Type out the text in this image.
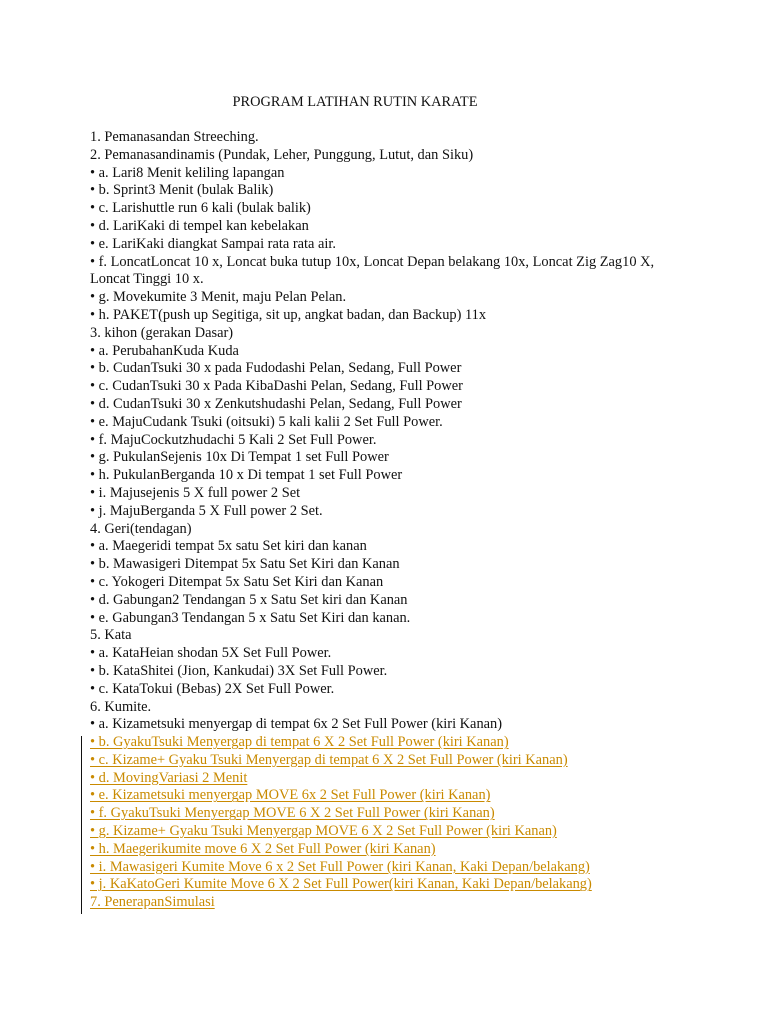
PROGRAM LATIHAN RUTIN KARATE
1. Pemanasandan Streeching.
2. Pemanasandinamis (Pundak, Leher, Punggung, Lutut, dan Siku)
• a. Lari8 Menit keliling lapangan
• b. Sprint3 Menit (bulak Balik)
• c. Larishuttle run 6 kali (bulak balik)
• d. LariKaki di tempel kan kebelakan
• e. LariKaki diangkat Sampai rata rata air.
• f. LoncatLoncat 10 x, Loncat buka tutup 10x, Loncat Depan belakang 10x, Loncat Zig Zag10 X, Loncat Tinggi 10 x.
• g. Movekumite 3 Menit, maju Pelan Pelan.
• h. PAKET(push up Segitiga, sit up, angkat badan, dan Backup) 11x
3. kihon (gerakan Dasar)
• a. PerubahanKuda Kuda
• b. CudanTsuki 30 x pada Fudodashi Pelan, Sedang, Full Power
• c. CudanTsuki 30 x Pada KibaDashi Pelan, Sedang, Full Power
• d. CudanTsuki 30 x Zenkutshudashi Pelan, Sedang, Full Power
• e. MajuCudank Tsuki (oitsuki) 5 kali kalii 2 Set Full Power.
• f. MajuCockutzhudachi 5 Kali 2 Set Full Power.
• g. PukulanSejenis 10x Di Tempat 1 set Full Power
• h. PukulanBerganda 10 x Di tempat 1 set Full Power
• i. Majusejenis 5 X full power 2 Set
• j. MajuBerganda 5 X Full power 2 Set.
4. Geri(tendagan)
• a. Maegeridi tempat 5x satu Set kiri dan kanan
• b. Mawasigeri Ditempat 5x Satu Set Kiri dan Kanan
• c. Yokogeri Ditempat 5x Satu Set Kiri dan Kanan
• d. Gabungan2 Tendangan 5 x Satu Set kiri dan Kanan
• e. Gabungan3 Tendangan 5 x Satu Set Kiri dan kanan.
5. Kata
• a. KataHeian shodan 5X Set Full Power.
• b. KataShitei (Jion, Kankudai) 3X Set Full Power.
• c. KataTokui (Bebas) 2X Set Full Power.
6. Kumite.
• a. Kizametsuki menyergap di tempat 6x 2 Set Full Power (kiri Kanan)
• b. GyakuTsuki Menyergap di tempat 6 X 2 Set Full Power (kiri Kanan)
• c. Kizame+ Gyaku Tsuki Menyergap di tempat 6 X 2 Set Full Power (kiri Kanan)
• d. MovingVariasi 2 Menit
• e. Kizametsuki menyergap MOVE 6x 2 Set Full Power (kiri Kanan)
• f. GyakuTsuki Menyergap MOVE 6 X 2 Set Full Power (kiri Kanan)
• g. Kizame+ Gyaku Tsuki Menyergap MOVE 6 X 2 Set Full Power (kiri Kanan)
• h. Maegerikumite move 6 X 2 Set Full Power (kiri Kanan)
• i. Mawasigeri Kumite Move 6 x 2 Set Full Power (kiri Kanan, Kaki Depan/belakang)
• j. KaKatoGeri Kumite Move 6 X 2 Set Full Power(kiri Kanan, Kaki Depan/belakang)
7. PenerapanSimulasi
